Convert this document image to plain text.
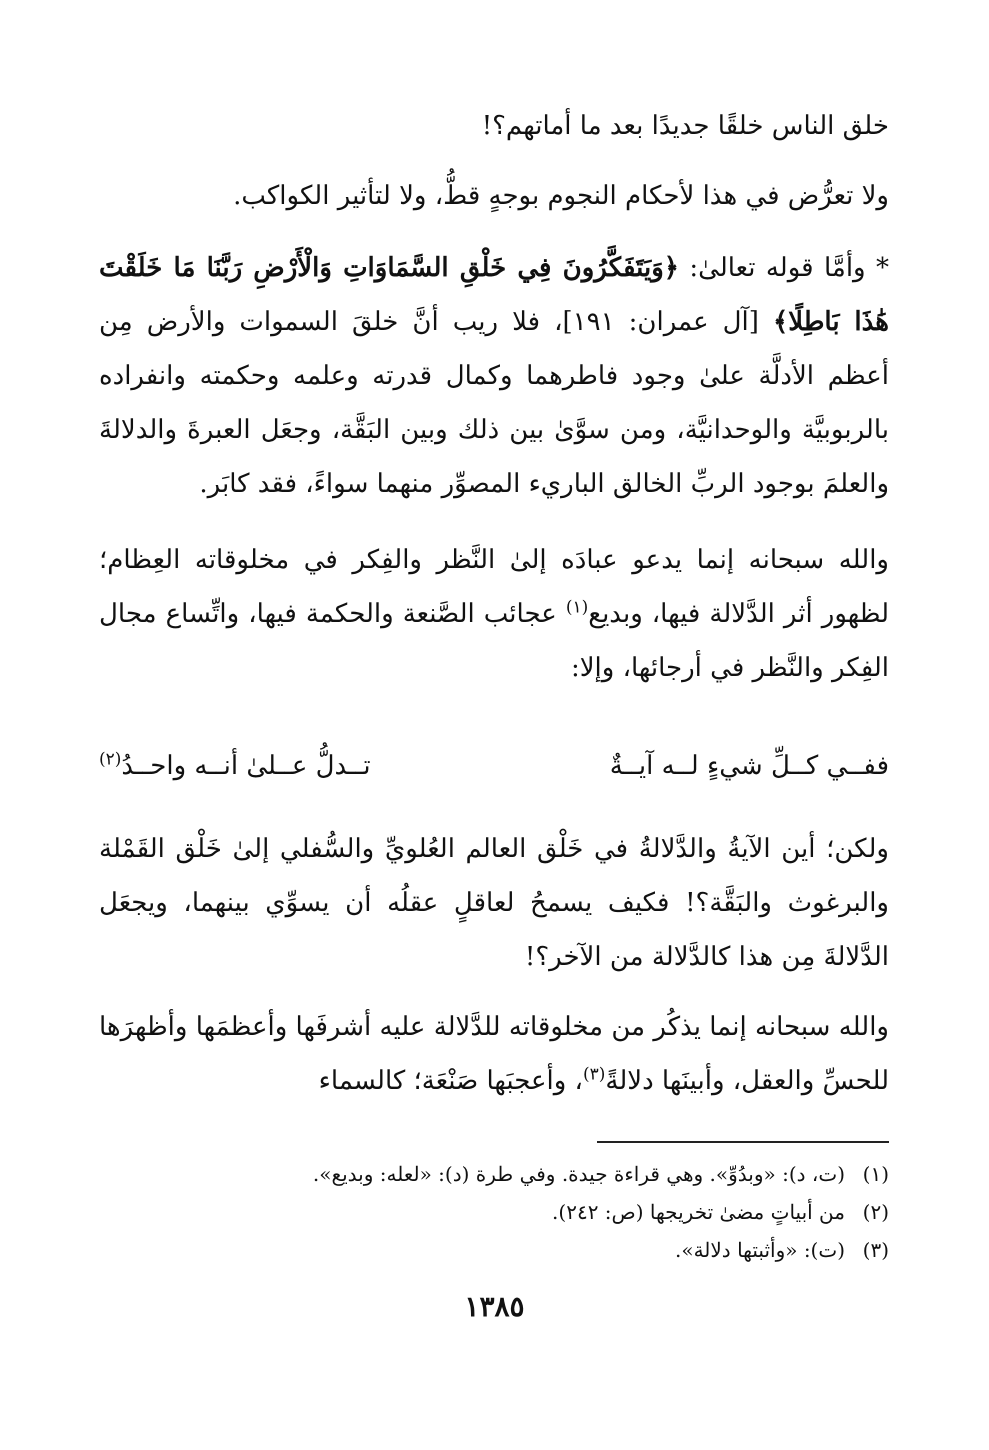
خلق الناس خلقًا جديدًا بعد ما أماتهم؟!

ولا تعرُّض في هذا لأحكام النجوم بوجهٍ قطُّ، ولا لتأثير الكواكب.

* وأمَّا قوله تعالىٰ: ﴿وَيَتَفَكَّرُونَ فِي خَلْقِ السَّمَاوَاتِ وَالْأَرْضِ رَبَّنَا مَا خَلَقْتَ هَٰذَا بَاطِلًا﴾ [آل عمران: ١٩١]، فلا ريب أنَّ خلقَ السموات والأرض مِن أعظم الأدلَّة علىٰ وجود فاطرهما وكمال قدرته وعلمه وحكمته وانفراده بالربوبيَّة والوحدانيَّة، ومن سوَّىٰ بين ذلك وبين البَقَّة، وجعَل العبرةَ والدلالةَ والعلمَ بوجود الربِّ الخالق الباريء المصوِّر منهما سواءً، فقد كابَر.

والله سبحانه إنما يدعو عبادَه إلىٰ النَّظر والفِكر في مخلوقاته العِظام؛ لظهور أثر الدَّلالة فيها، وبديع$^{(١)}$ عجائب الصَّنعة والحكمة فيها، واتِّساع مجال الفِكر والنَّظر في أرجائها، وإلا:

ففــي كــلِّ شيءٍ لــه آيــةٌ
تــدلُّ عــلىٰ أنــه واحــدُ$^{(٢)}$

ولكن؛ أين الآيةُ والدَّلالةُ في خَلْق العالم العُلويِّ والسُّفلي إلىٰ خَلْق القَمْلة والبرغوث والبَقَّة؟! فكيف يسمحُ لعاقلٍ عقلُه أن يسوِّي بينهما، ويجعَل الدَّلالةَ مِن هذا كالدَّلالة من الآخر؟!

والله سبحانه إنما يذكُر من مخلوقاته للدَّلالة عليه أشرفَها وأعظمَها وأظهرَها للحسِّ والعقل، وأبينَها دلالةً$^{(٣)}$، وأعجبَها صَنْعَة؛ كالسماء

(١)(ت، د): «وبدُوِّ». وهي قراءة جيدة. وفي طرة (د): «لعله: وبديع».

(٢)من أبياتٍ مضىٰ تخريجها (ص: ٢٤٢).

(٣)(ت): «وأثبتها دلالة».

١٣٨٥
